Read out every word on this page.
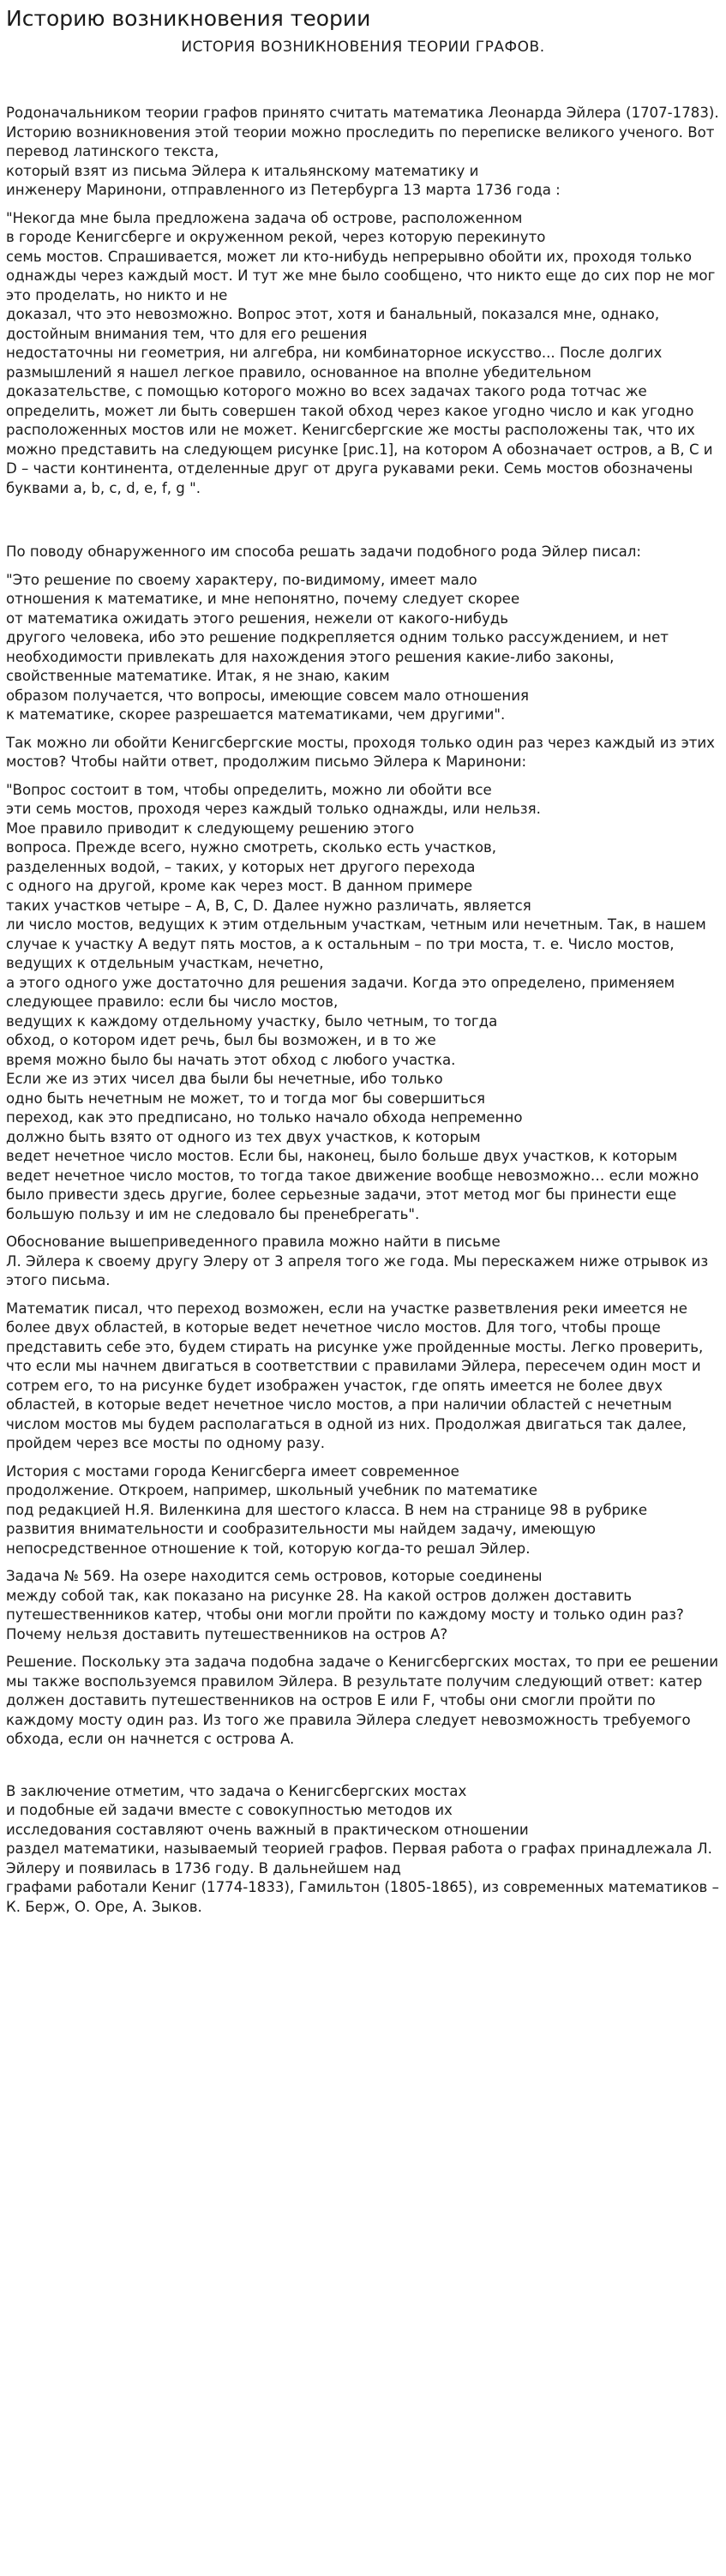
Историю возникновения теории
ИСТОРИЯ ВОЗНИКНОВЕНИЯ ТЕОРИИ ГРАФОВ.

Родоначальником теории графов принято считать математика Леонарда Эйлера (1707-1783). Историю возникновения этой теории можно проследить по переписке великого ученого. Вот перевод латинского текста,
который взят из письма Эйлера к итальянскому математику и
инженеру Маринони, отправленного из Петербурга 13 марта 1736 года :

"Некогда мне была предложена задача об острове, расположенном
в городе Кенигсберге и окруженном рекой, через которую перекинуто
семь мостов. Спрашивается, может ли кто-нибудь непрерывно обойти их, проходя только однажды через каждый мост. И тут же мне было сообщено, что никто еще до сих пор не мог это проделать, но никто и не
доказал, что это невозможно. Вопрос этот, хотя и банальный, показался мне, однако, достойным внимания тем, что для его решения
недостаточны ни геометрия, ни алгебра, ни комбинаторное искусство... После долгих размышлений я нашел легкое правило, основанное на вполне убедительном доказательстве, с помощью которого можно во всех задачах такого рода тотчас же определить, может ли быть совершен такой обход через какое угодно число и как угодно расположенных мостов или не может. Кенигсбергские же мосты расположены так, что их можно представить на следующем рисунке [рис.1], на котором A обозначает остров, а B, C и D – части континента, отделенные друг от друга рукавами реки. Семь мостов обозначены буквами a, b, c, d, e, f, g ".

По поводу обнаруженного им способа решать задачи подобного рода Эйлер писал:

"Это решение по своему характеру, по-видимому, имеет мало
отношения к математике, и мне непонятно, почему следует скорее
от математика ожидать этого решения, нежели от какого-нибудь
другого человека, ибо это решение подкрепляется одним только рассуждением, и нет необходимости привлекать для нахождения этого решения какие-либо законы, свойственные математике. Итак, я не знаю, каким
образом получается, что вопросы, имеющие совсем мало отношения
к математике, скорее разрешается математиками, чем другими".

Так можно ли обойти Кенигсбергские мосты, проходя только один раз через каждый из этих мостов? Чтобы найти ответ, продолжим письмо Эйлера к Маринони:

"Вопрос состоит в том, чтобы определить, можно ли обойти все
эти семь мостов, проходя через каждый только однажды, или нельзя.
Мое правило приводит к следующему решению этого
вопроса. Прежде всего, нужно смотреть, сколько есть участков,
разделенных водой, – таких, у которых нет другого перехода
с одного на другой, кроме как через мост. В данном примере
таких участков четыре – A, B, C, D. Далее нужно различать, является
ли число мостов, ведущих к этим отдельным участкам, четным или нечетным. Так, в нашем случае к участку A ведут пять мостов, а к остальным – по три моста, т. е. Число мостов, ведущих к отдельным участкам, нечетно,
а этого одного уже достаточно для решения задачи. Когда это определено, применяем следующее правило: если бы число мостов,
ведущих к каждому отдельному участку, было четным, то тогда
обход, о котором идет речь, был бы возможен, и в то же
время можно было бы начать этот обход с любого участка.
Если же из этих чисел два были бы нечетные, ибо только
одно быть нечетным не может, то и тогда мог бы совершиться
переход, как это предписано, но только начало обхода непременно
должно быть взято от одного из тех двух участков, к которым
ведет нечетное число мостов. Если бы, наконец, было больше двух участков, к которым ведет нечетное число мостов, то тогда такое движение вообще невозможно… если можно было привести здесь другие, более серьезные задачи, этот метод мог бы принести еще большую пользу и им не следовало бы пренебрегать".

Обоснование вышеприведенного правила можно найти в письме
Л. Эйлера к своему другу Элеру от 3 апреля того же года. Мы перескажем ниже отрывок из этого письма.

Математик писал, что переход возможен, если на участке разветвления реки имеется не более двух областей, в которые ведет нечетное число мостов. Для того, чтобы проще представить себе это, будем стирать на рисунке уже пройденные мосты. Легко проверить, что если мы начнем двигаться в соответствии с правилами Эйлера, пересечем один мост и сотрем его, то на рисунке будет изображен участок, где опять имеется не более двух областей, в которые ведет нечетное число мостов, а при наличии областей с нечетным числом мостов мы будем располагаться в одной из них. Продолжая двигаться так далее, пройдем через все мосты по одному разу.

История с мостами города Кенигсберга имеет современное
продолжение. Откроем, например, школьный учебник по математике
под редакцией Н.Я. Виленкина для шестого класса. В нем на странице 98 в рубрике развития внимательности и сообразительности мы найдем задачу, имеющую непосредственное отношение к той, которую когда-то решал Эйлер.

Задача № 569. На озере находится семь островов, которые соединены
между собой так, как показано на рисунке 28. На какой остров должен доставить путешественников катер, чтобы они могли пройти по каждому мосту и только один раз? Почему нельзя доставить путешественников на остров A?

Решение. Поскольку эта задача подобна задаче о Кенигсбергских мостах, то при ее решении мы также воспользуемся правилом Эйлера. В результате получим следующий ответ: катер должен доставить путешественников на остров E или F, чтобы они смогли пройти по каждому мосту один раз. Из того же правила Эйлера следует невозможность требуемого обхода, если он начнется с острова A.

В заключение отметим, что задача о Кенигсбергских мостах
и подобные ей задачи вместе с совокупностью методов их
исследования составляют очень важный в практическом отношении
раздел математики, называемый теорией графов. Первая работа о графах принадлежала Л. Эйлеру и появилась в 1736 году. В дальнейшем над
графами работали Кениг (1774-1833), Гамильтон (1805-1865), из современных математиков – К. Берж, О. Оре, А. Зыков.
